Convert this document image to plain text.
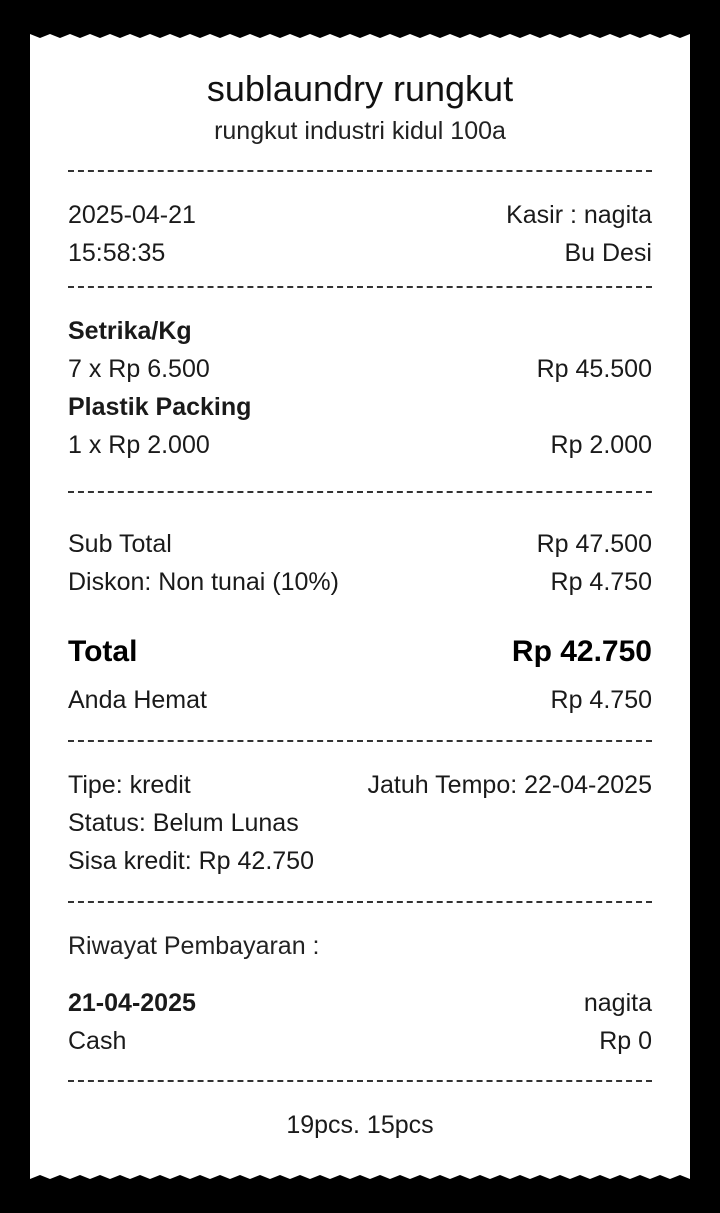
sublaundry rungkut
rungkut industri kidul 100a
2025-04-21	Kasir : nagita
15:58:35	Bu Desi
Setrika/Kg
7 x Rp 6.500	Rp 45.500
Plastik Packing
1 x Rp 2.000	Rp 2.000
Sub Total	Rp 47.500
Diskon: Non tunai (10%)	Rp 4.750
Total	Rp 42.750
Anda Hemat	Rp 4.750
Tipe: kredit	Jatuh Tempo: 22-04-2025
Status: Belum Lunas
Sisa kredit: Rp 42.750
Riwayat Pembayaran :
21-04-2025	nagita
Cash	Rp 0
19pcs. 15pcs
